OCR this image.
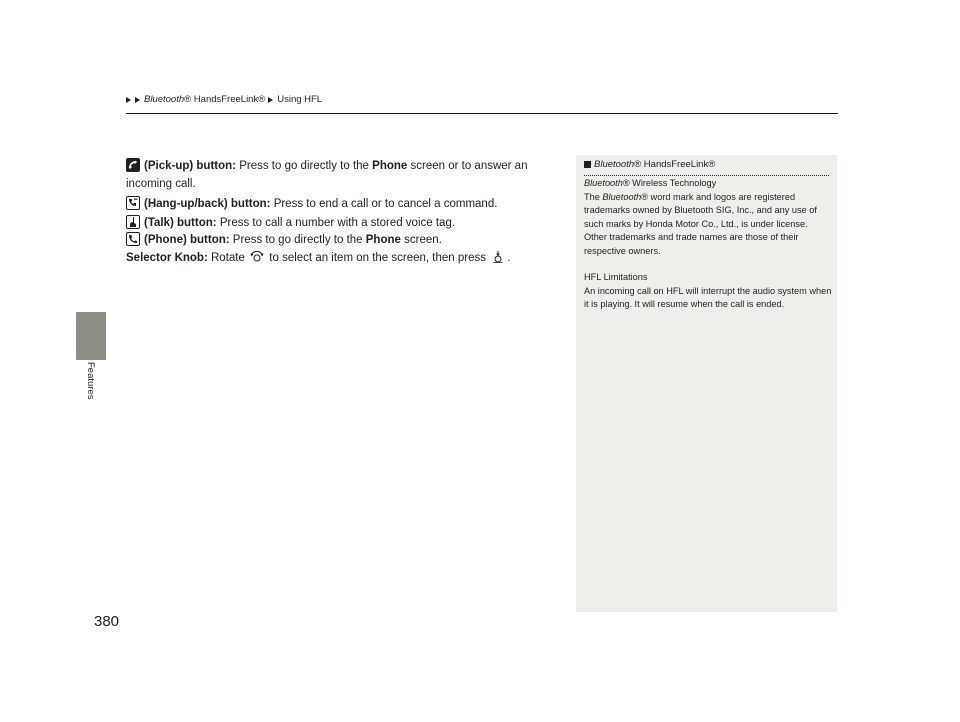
Bluetooth® HandsFreeLink® Using HFL
Features
380

(Pick-up) button: Press to go directly to the Phone screen or to answer an incoming call.

(Hang-up/back) button: Press to end a call or to cancel a command.

(Talk) button: Press to call a number with a stored voice tag.

(Phone) button: Press to go directly to the Phone screen.

Selector Knob: Rotate to select an item on the screen, then press .

Bluetooth® HandsFreeLink®

Bluetooth® Wireless Technology

The Bluetooth® word mark and logos are registered trademarks owned by Bluetooth SIG, Inc., and any use of such marks by Honda Motor Co., Ltd., is under license. Other trademarks and trade names are those of their respective owners.

HFL Limitations

An incoming call on HFL will interrupt the audio system when it is playing. It will resume when the call is ended.
